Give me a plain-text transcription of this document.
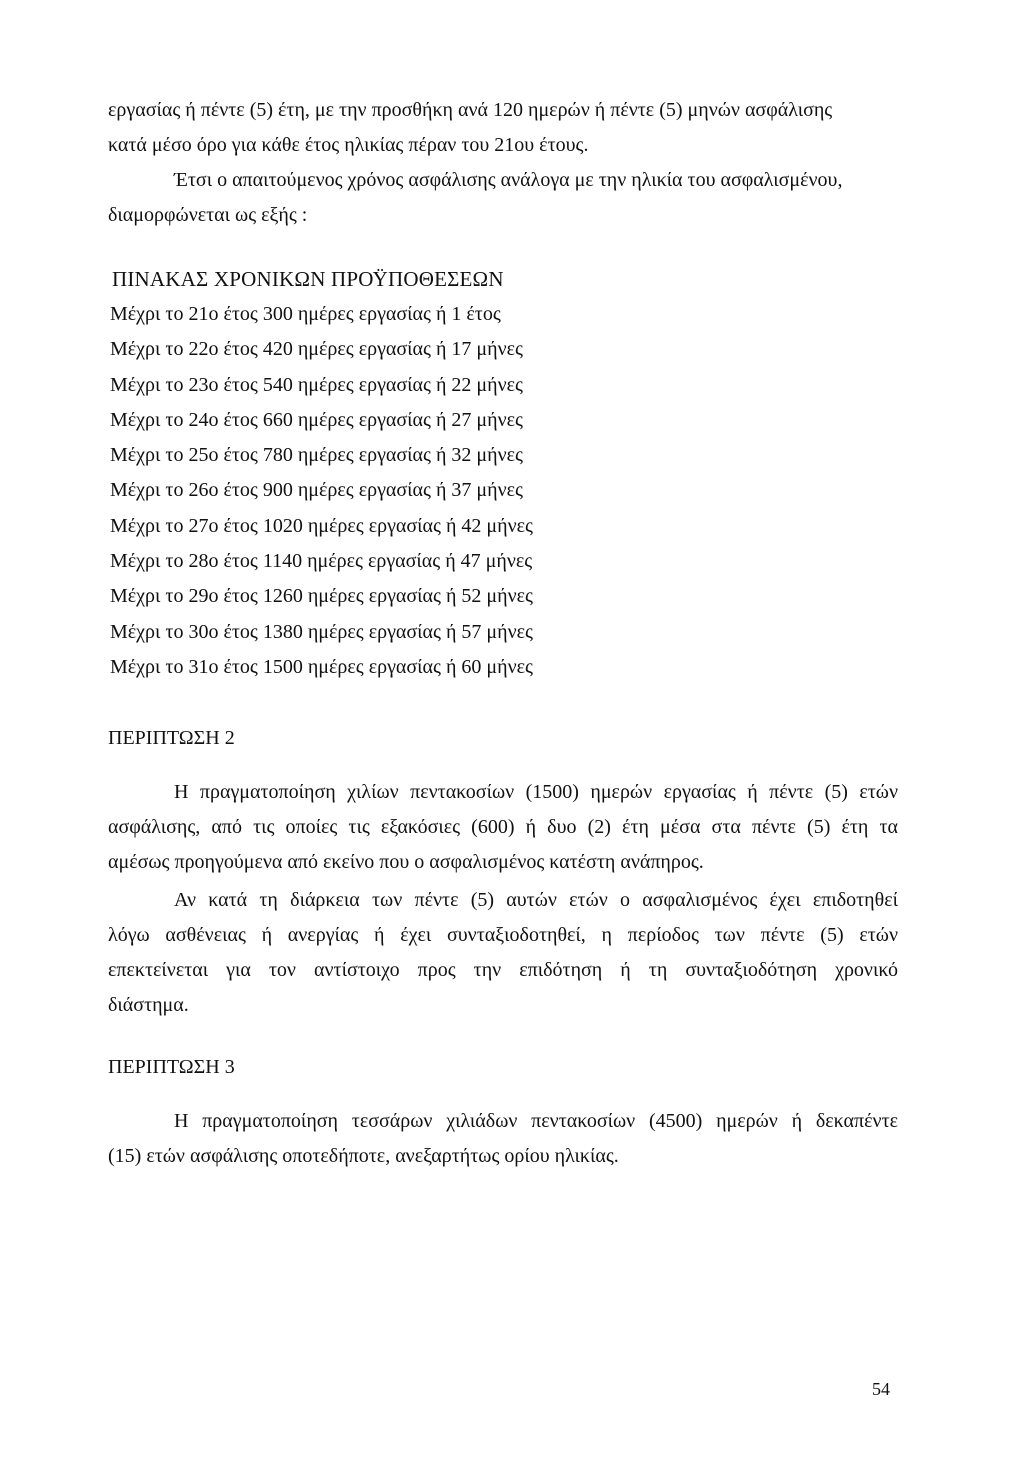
εργασίας ή πέντε (5) έτη, με την προσθήκη ανά 120 ημερών ή πέντε (5) μηνών ασφάλισης
κατά μέσο όρο για κάθε έτος ηλικίας πέραν του 21ου έτους.
Έτσι ο απαιτούμενος χρόνος ασφάλισης ανάλογα με την ηλικία του ασφαλισμένου,
διαμορφώνεται ως εξής :
ΠΙΝΑΚΑΣ ΧΡΟΝΙΚΩΝ ΠΡΟΫΠΟΘΕΣΕΩΝ
Μέχρι το 21ο έτος 300 ημέρες εργασίας ή 1 έτος
Μέχρι το 22ο έτος 420 ημέρες εργασίας ή 17 μήνες
Μέχρι το 23ο έτος 540 ημέρες εργασίας ή 22 μήνες
Μέχρι το 24ο έτος 660 ημέρες εργασίας ή 27 μήνες
Μέχρι το 25ο έτος 780 ημέρες εργασίας ή 32 μήνες
Μέχρι το 26ο έτος 900 ημέρες εργασίας ή 37 μήνες
Μέχρι το 27ο έτος 1020 ημέρες εργασίας ή 42 μήνες
Μέχρι το 28ο έτος 1140 ημέρες εργασίας ή 47 μήνες
Μέχρι το 29ο έτος 1260 ημέρες εργασίας ή 52 μήνες
Μέχρι το 30ο έτος 1380 ημέρες εργασίας ή 57 μήνες
Μέχρι το 31ο έτος 1500 ημέρες εργασίας ή 60 μήνες
ΠΕΡΙΠΤΩΣΗ 2
Η πραγματοποίηση χιλίων πεντακοσίων (1500) ημερών εργασίας ή πέντε (5) ετών
ασφάλισης, από τις οποίες τις εξακόσιες (600) ή δυο (2) έτη μέσα στα πέντε (5) έτη τα
αμέσως προηγούμενα από εκείνο που ο ασφαλισμένος κατέστη ανάπηρος.
Αν κατά τη διάρκεια των πέντε (5) αυτών ετών ο ασφαλισμένος έχει επιδοτηθεί
λόγω ασθένειας ή ανεργίας ή έχει συνταξιοδοτηθεί, η περίοδος των πέντε (5) ετών
επεκτείνεται για τον αντίστοιχο προς την επιδότηση ή τη συνταξιοδότηση χρονικό
διάστημα.
ΠΕΡΙΠΤΩΣΗ 3
Η πραγματοποίηση τεσσάρων χιλιάδων πεντακοσίων (4500) ημερών ή δεκαπέντε
(15) ετών ασφάλισης οποτεδήποτε, ανεξαρτήτως ορίου ηλικίας.
54
